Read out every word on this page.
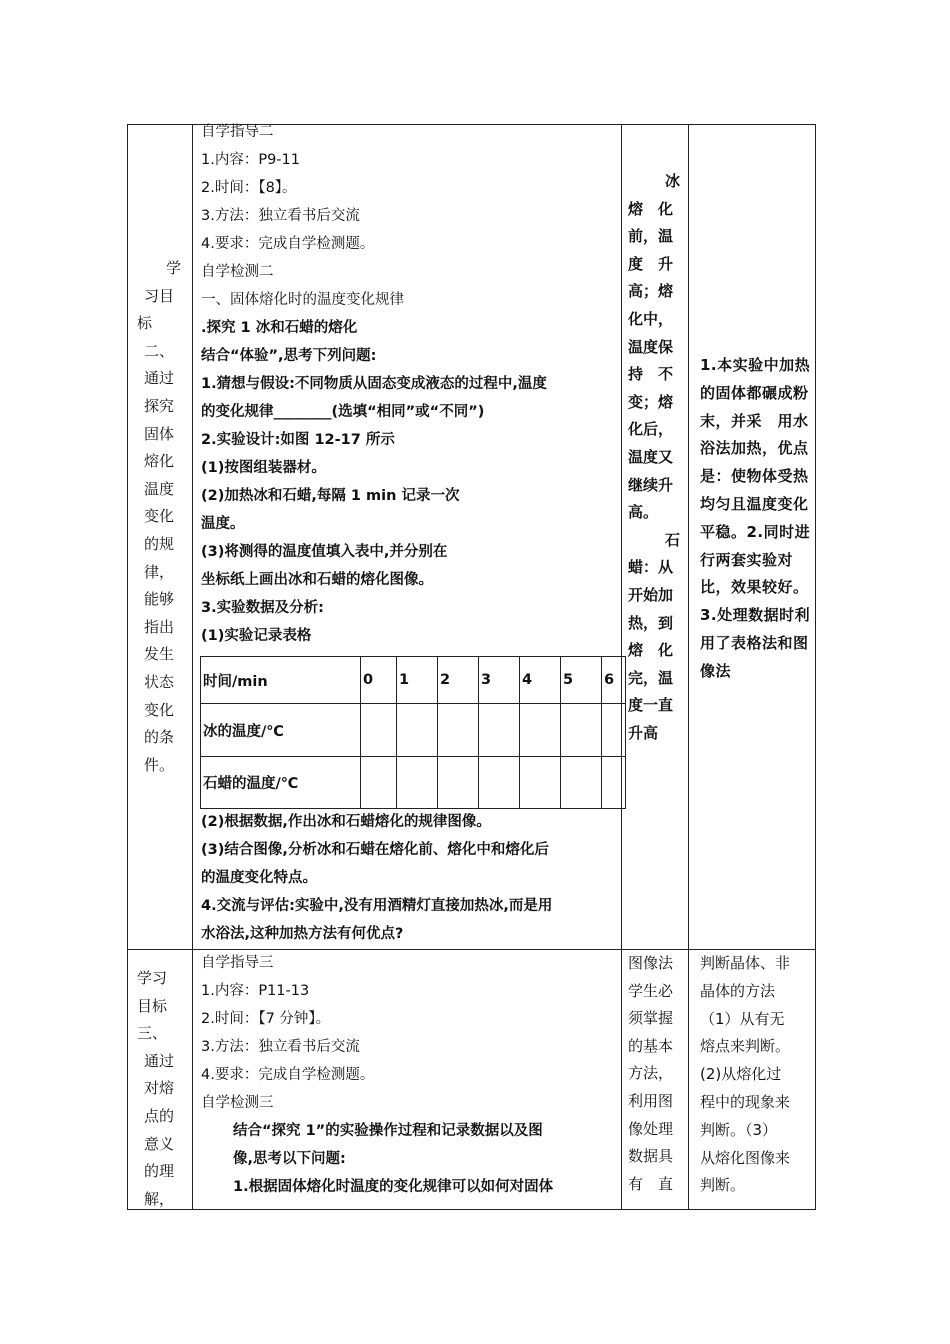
学
习目
标
二、
通过
探究
固体
熔化
温度
变化
的规
律，
能够
指出
发生
状态
变化
的条
件。
自学指导二
1.内容：P9-11
2.时间：【8】。
3.方法：独立看书后交流
4.要求：完成自学检测题。
自学检测二
一、固体熔化时的温度变化规律
.探究 1 冰和石蜡的熔化
结合“体验”,思考下列问题:
1.猜想与假设:不同物质从固态变成液态的过程中,温度
的变化规律________(选填“相同”或“不同”)
2.实验设计:如图 12-17 所示
(1)按图组装器材。
(2)加热冰和石蜡,每隔 1 min 记录一次
温度。
(3)将测得的温度值填入表中,并分别在
坐标纸上画出冰和石蜡的熔化图像。
3.实验数据及分析:
(1)实验记录表格
时间/min	0	1	2	3	4	5	6
冰的温度/℃							
石蜡的温度/℃							
(2)根据数据,作出冰和石蜡熔化的规律图像。
(3)结合图像,分析冰和石蜡在熔化前、熔化中和熔化后
的温度变化特点。
4.交流与评估:实验中,没有用酒精灯直接加热冰,而是用
水浴法,这种加热方法有何优点?
冰
熔　化
前，温
度　升
高；熔
化中，
温度保
持　不
变；熔
化后，
温度又
继续升
高。
石
蜡：从
开始加
热，到
熔　化
完，温
度一直
升高
1.本实验中加热的固体都碾成粉末，并采　用水浴法加热，优点是：使物体受热均匀且温度变化平稳。2.同时进行两套实验对比，效果较好。3.处理数据时利用了表格法和图像法
学习
目标
三、
通过
对熔
点的
意义
的理
解，
自学指导三
1.内容：P11-13
2.时间：【7 分钟】。
3.方法：独立看书后交流
4.要求：完成自学检测题。
自学检测三
结合“探究 1”的实验操作过程和记录数据以及图
像,思考以下问题:
1.根据固体熔化时温度的变化规律可以如何对固体
图像法
学生必
须掌握
的基本
方法，
利用图
像处理
数据具
有　直
判断晶体、非
晶体的方法
（1）从有无
熔点来判断。
(2)从熔化过
程中的现象来
判断。（3）
从熔化图像来
判断。
